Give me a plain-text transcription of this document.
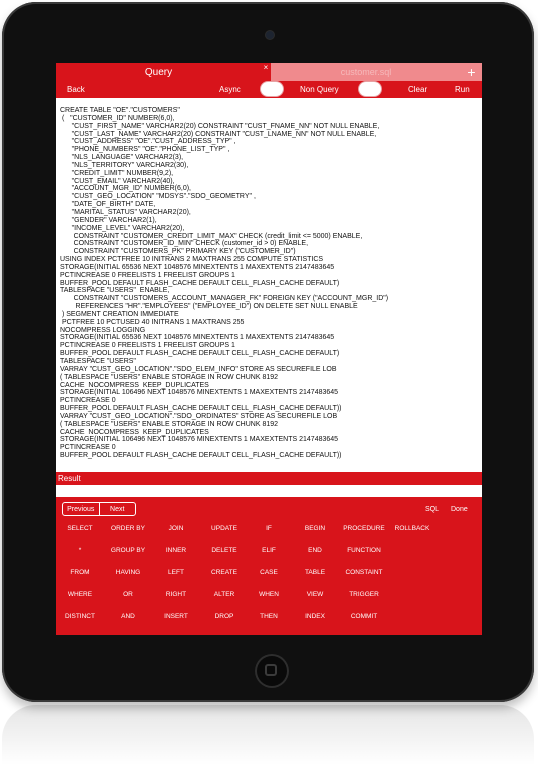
Query	×	customer.sql	+
Back	Async	Non Query	Clear	Run
CREATE TABLE "OE"."CUSTOMERS"
(   "CUSTOMER_ID" NUMBER(6,0),
"CUST_FIRST_NAME" VARCHAR2(20) CONSTRAINT "CUST_FNAME_NN" NOT NULL ENABLE,
"CUST_LAST_NAME" VARCHAR2(20) CONSTRAINT "CUST_LNAME_NN" NOT NULL ENABLE,
"CUST_ADDRESS" "OE"."CUST_ADDRESS_TYP" ,
"PHONE_NUMBERS" "OE"."PHONE_LIST_TYP" ,
"NLS_LANGUAGE" VARCHAR2(3),
"NLS_TERRITORY" VARCHAR2(30),
"CREDIT_LIMIT" NUMBER(9,2),
"CUST_EMAIL" VARCHAR2(40),
"ACCOUNT_MGR_ID" NUMBER(6,0),
"CUST_GEO_LOCATION" "MDSYS"."SDO_GEOMETRY" ,
"DATE_OF_BIRTH" DATE,
"MARITAL_STATUS" VARCHAR2(20),
"GENDER" VARCHAR2(1),
"INCOME_LEVEL" VARCHAR2(20),
CONSTRAINT "CUSTOMER_CREDIT_LIMIT_MAX" CHECK (credit_limit <= 5000) ENABLE,
CONSTRAINT "CUSTOMER_ID_MIN" CHECK (customer_id > 0) ENABLE,
CONSTRAINT "CUSTOMERS_PK" PRIMARY KEY ("CUSTOMER_ID")
USING INDEX PCTFREE 10 INITRANS 2 MAXTRANS 255 COMPUTE STATISTICS
STORAGE(INITIAL 65536 NEXT 1048576 MINEXTENTS 1 MAXEXTENTS 2147483645
PCTINCREASE 0 FREELISTS 1 FREELIST GROUPS 1
BUFFER_POOL DEFAULT FLASH_CACHE DEFAULT CELL_FLASH_CACHE DEFAULT)
TABLESPACE "USERS"  ENABLE,
CONSTRAINT "CUSTOMERS_ACCOUNT_MANAGER_FK" FOREIGN KEY ("ACCOUNT_MGR_ID")
REFERENCES "HR"."EMPLOYEES" ("EMPLOYEE_ID") ON DELETE SET NULL ENABLE
) SEGMENT CREATION IMMEDIATE
PCTFREE 10 PCTUSED 40 INITRANS 1 MAXTRANS 255
NOCOMPRESS LOGGING
STORAGE(INITIAL 65536 NEXT 1048576 MINEXTENTS 1 MAXEXTENTS 2147483645
PCTINCREASE 0 FREELISTS 1 FREELIST GROUPS 1
BUFFER_POOL DEFAULT FLASH_CACHE DEFAULT CELL_FLASH_CACHE DEFAULT)
TABLESPACE "USERS"
VARRAY "CUST_GEO_LOCATION"."SDO_ELEM_INFO" STORE AS SECUREFILE LOB
( TABLESPACE "USERS" ENABLE STORAGE IN ROW CHUNK 8192
CACHE  NOCOMPRESS  KEEP_DUPLICATES
STORAGE(INITIAL 106496 NEXT 1048576 MINEXTENTS 1 MAXEXTENTS 2147483645
PCTINCREASE 0
BUFFER_POOL DEFAULT FLASH_CACHE DEFAULT CELL_FLASH_CACHE DEFAULT))
VARRAY "CUST_GEO_LOCATION"."SDO_ORDINATES" STORE AS SECUREFILE LOB
( TABLESPACE "USERS" ENABLE STORAGE IN ROW CHUNK 8192
CACHE  NOCOMPRESS  KEEP_DUPLICATES
STORAGE(INITIAL 106496 NEXT 1048576 MINEXTENTS 1 MAXEXTENTS 2147483645
PCTINCREASE 0
BUFFER_POOL DEFAULT FLASH_CACHE DEFAULT CELL_FLASH_CACHE DEFAULT))
Result
Previous	Next	SQL Done
SELECT	ORDER BY	JOIN	UPDATE	IF	BEGIN	PROCEDURE	ROLLBACK
*	GROUP BY	INNER	DELETE	ELIF	END	FUNCTION
FROM	HAVING	LEFT	CREATE	CASE	TABLE	CONSTAINT
WHERE	OR	RIGHT	ALTER	WHEN	VIEW	TRIGGER
DISTINCT	AND	INSERT	DROP	THEN	INDEX	COMMIT
